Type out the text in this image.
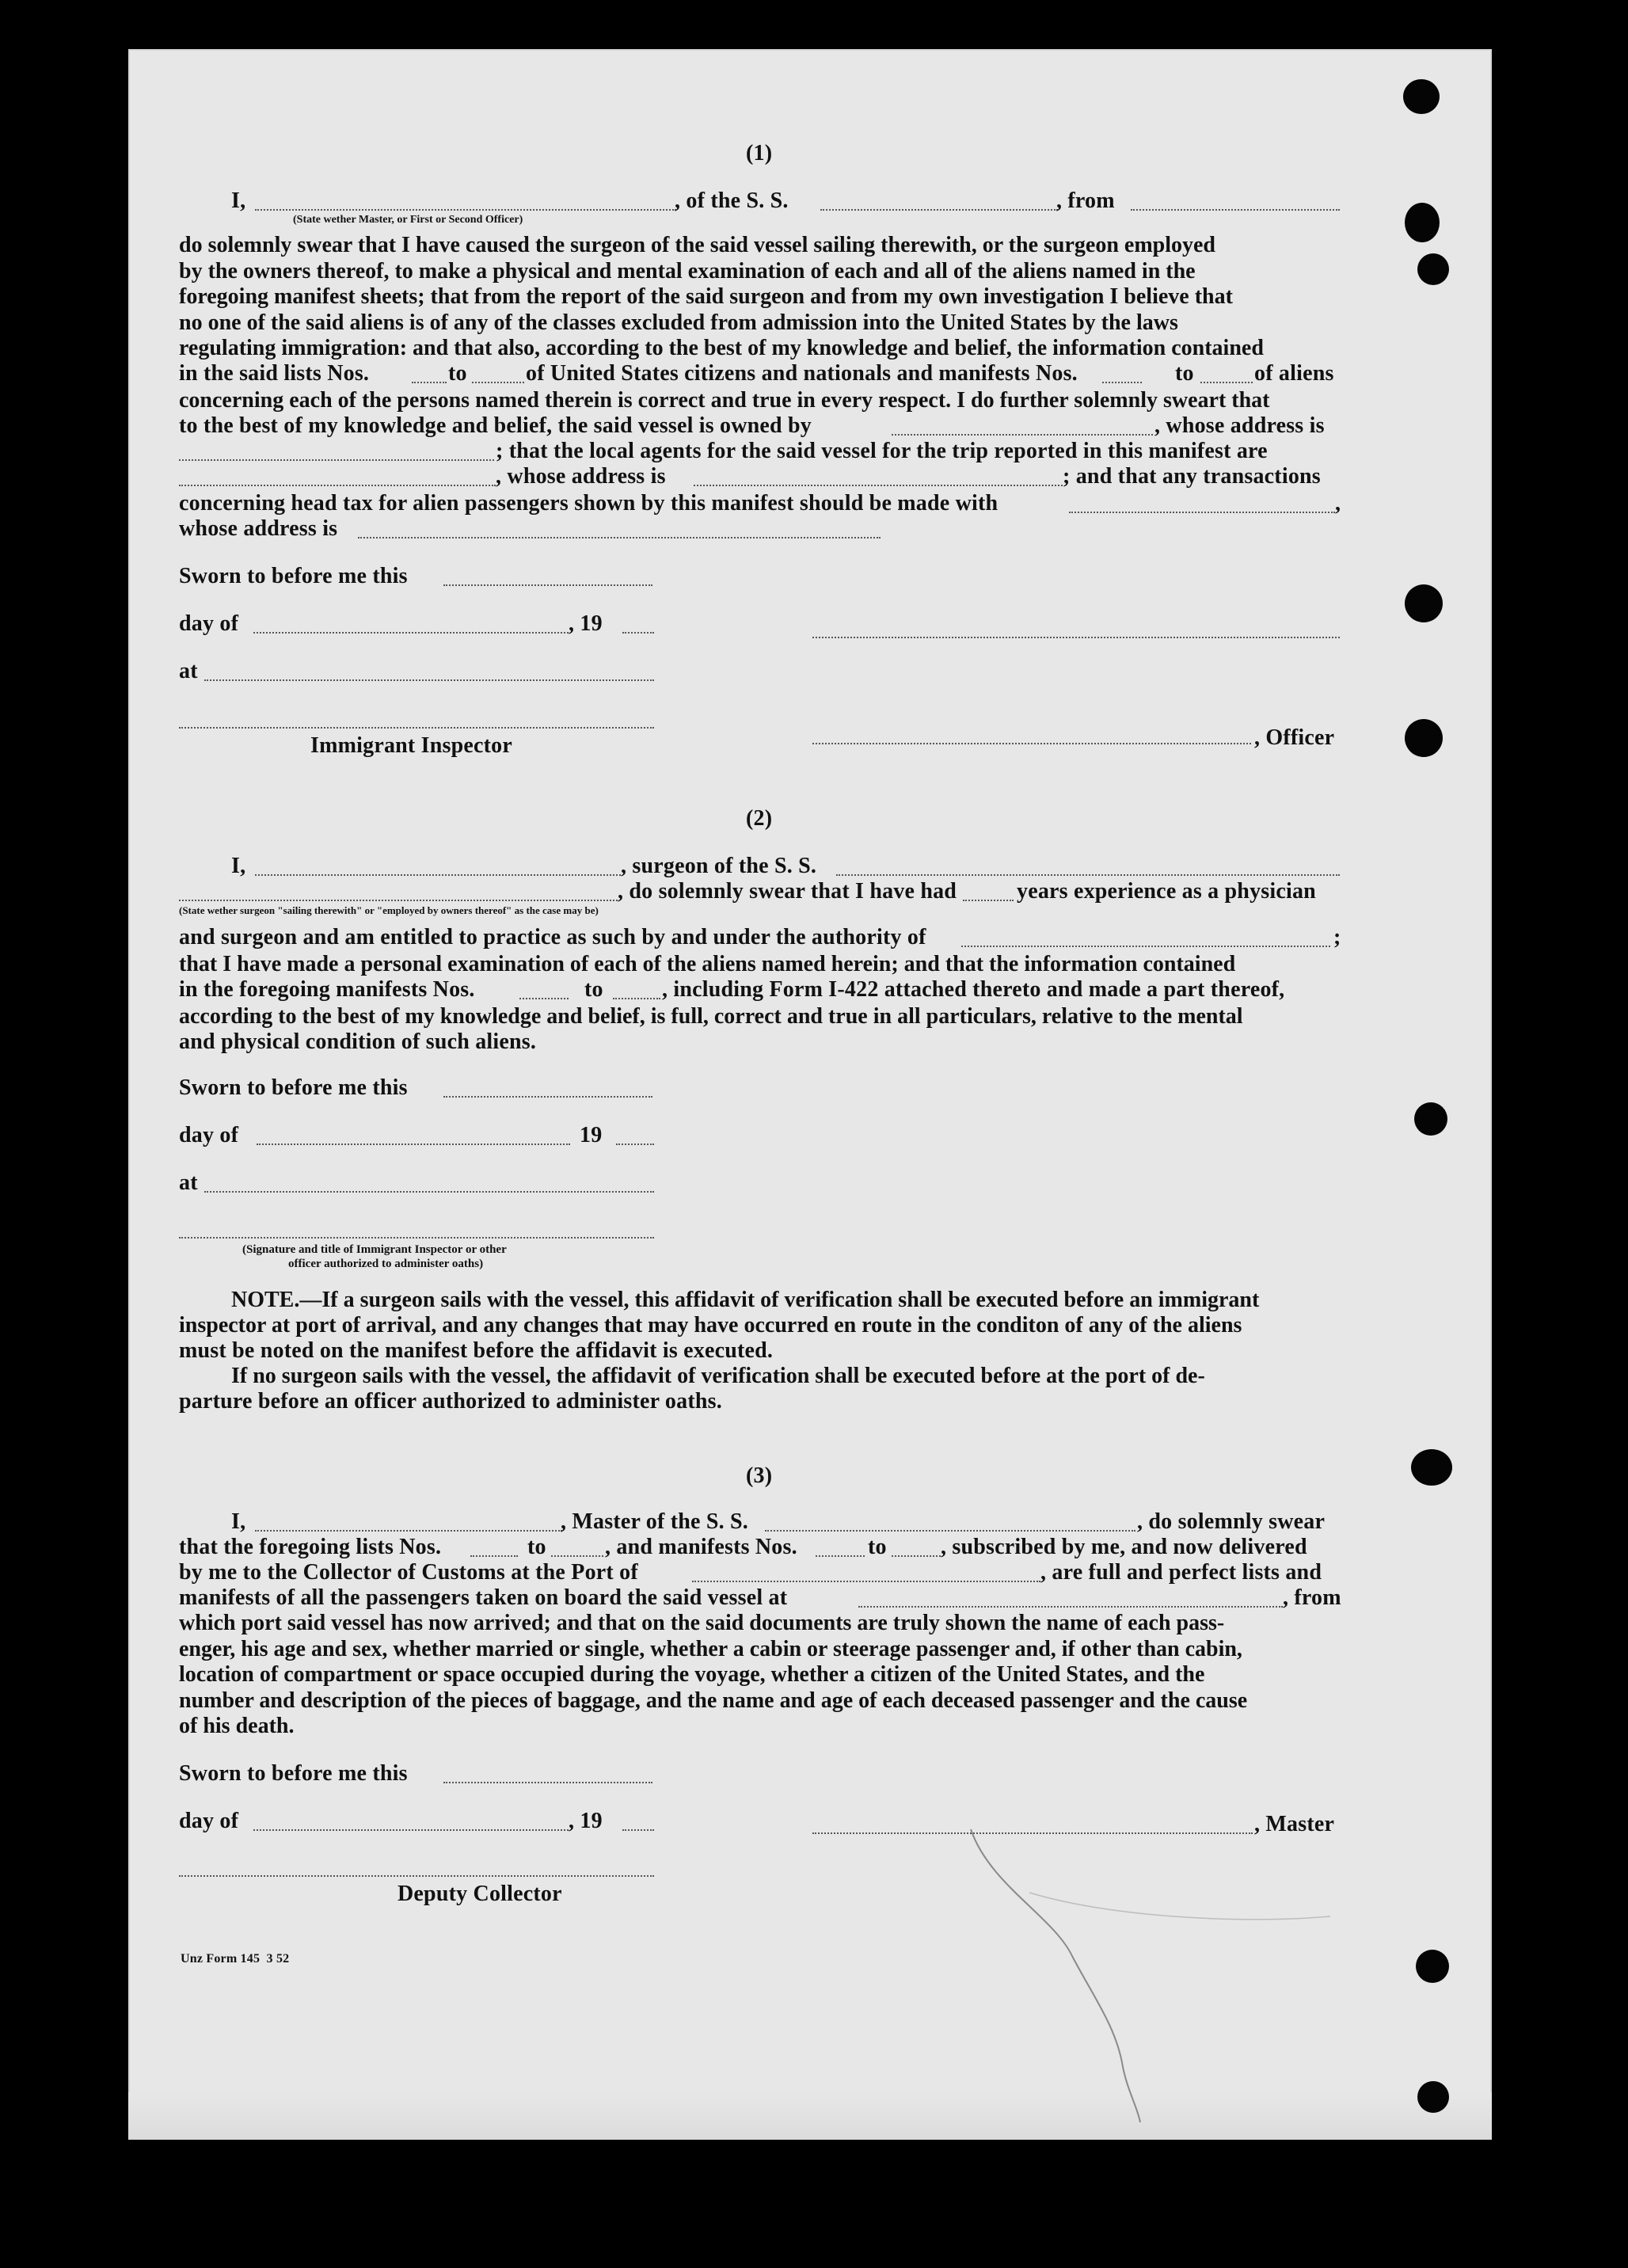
(1)
I,	, of the S. S.	, from
(State wether Master, or First or Second Officer)

do solemnly swear that I have caused the surgeon of the said vessel sailing therewith, or the surgeon employed

by the owners thereof, to make a physical and mental examination of each and all of the aliens named in the

foregoing manifest sheets; that from the report of the said surgeon and from my own investigation I believe that

no one of the said aliens is of any of the classes excluded from admission into the United States by the laws

regulating immigration: and that also, according to the best of my knowledge and belief, the information contained

in the said lists Nos.	to	of United States citizens and nationals and manifests Nos.	to	of aliens
concerning each of the persons named therein is correct and true in every respect. I do further solemnly sweart that
to the best of my knowledge and belief, the said vessel is owned by	, whose address is
; that the local agents for the said vessel for the trip reported in this manifest are
, whose address is	; and that any transactions
concerning head tax for alien passengers shown by this manifest should be made with	,
whose address is
Sworn to before me this
day of	, 19
at
Immigrant Inspector	, Officer
(2)
I,	, surgeon of the S. S.
, do solemnly swear that I have had	years experience as a physician
(State wether surgeon "sailing therewith" or "employed by owners thereof" as the case may be)
and surgeon and am entitled to practice as such by and under the authority of	;
that I have made a personal examination of each of the aliens named herein; and that the information contained
in the foregoing manifests Nos.	to	, including Form I-422 attached thereto and made a part thereof,
according to the best of my knowledge and belief, is full, correct and true in all particulars, relative to the mental
and physical condition of such aliens.
Sworn to before me this
day of	19
at
(Signature and title of Immigrant Inspector or other
officer authorized to administer oaths)
NOTE.—If a surgeon sails with the vessel, this affidavit of verification shall be executed before an immigrant
inspector at port of arrival, and any changes that may have occurred en route in the conditon of any of the aliens
must be noted on the manifest before the affidavit is executed.
If no surgeon sails with the vessel, the affidavit of verification shall be executed before at the port of de-
parture before an officer authorized to administer oaths.
(3)
I,	, Master of the S. S.	, do solemnly swear
that the foregoing lists Nos.	to	, and manifests Nos.	to , subscribed by me, and now delivered
by me to the Collector of Customs at the Port of	, are full and perfect lists and
manifests of all the passengers taken on board the said vessel at	, from

which port said vessel has now arrived; and that on the said documents are truly shown the name of each pass-

enger, his age and sex, whether married or single, whether a cabin or steerage passenger and, if other than cabin,

location of compartment or space occupied during the voyage, whether a citizen of the United States, and the

number and description of the pieces of baggage, and the name and age of each deceased passenger and the cause

of his death.

Sworn to before me this
day of	, 19	, Master
Deputy Collector
Unz Form 145  3 52
